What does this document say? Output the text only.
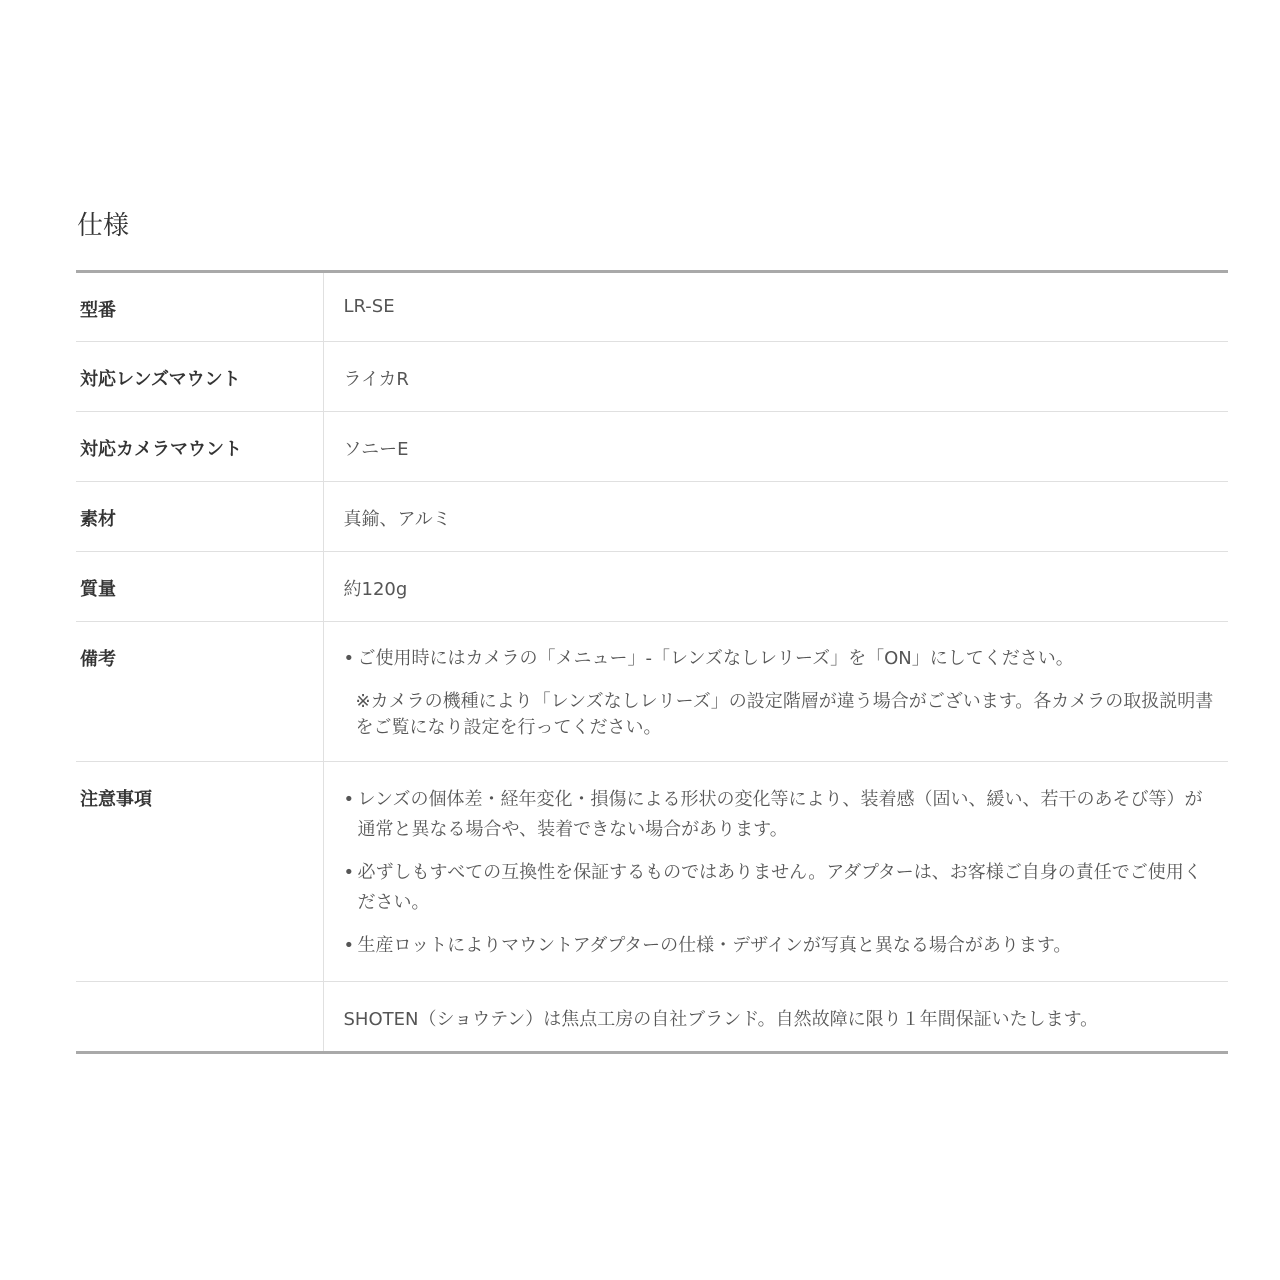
仕様
型番	LR-SE
対応レンズマウント	ライカR
対応カメラマウント	ソニーE
素材	真鍮、アルミ
質量	約120g
備考	• ご使用時にはカメラの「メニュー」-「レンズなしレリーズ」を「ON」にしてください。

※カメラの機種により「レンズなしレリーズ」の設定階層が違う場合がございます。各カメラの取扱説明書をご覧になり設定を行ってください。

注意事項	• レンズの個体差・経年変化・損傷による形状の変化等により、装着感（固い、緩い、若干のあそび等）が通常と異なる場合や、装着できない場合があります。

• 必ずしもすべての互換性を保証するものではありません。アダプターは、お客様ご自身の責任でご使用ください。

• 生産ロットによりマウントアダプターの仕様・デザインが写真と異なる場合があります。

	SHOTEN（ショウテン）は焦点工房の自社ブランド。自然故障に限り１年間保証いたします。
